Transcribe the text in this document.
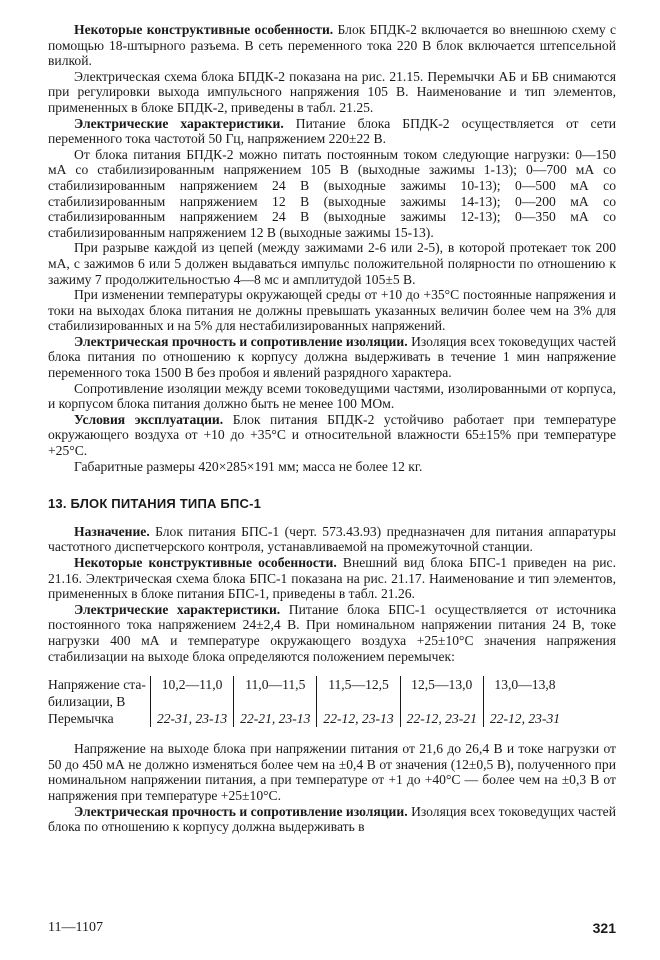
Некоторые конструктивные особенности. Блок БПДК-2 включается во внешнюю схему с помощью 18-штырного разъема. В сеть переменного тока 220 В блок включается штепсельной вилкой.

Электрическая схема блока БПДК-2 показана на рис. 21.15. Перемычки АБ и БВ снимаются при регулировки выхода импульсного напряжения 105 В. Наименование и тип элементов, примененных в блоке БПДК-2, приведены в табл. 21.25.

Электрические характеристики. Питание блока БПДК-2 осуществляется от сети переменного тока частотой 50 Гц, напряжением 220±22 В.

От блока питания БПДК-2 можно питать постоянным током следующие нагрузки: 0—150 мА со стабилизированным напряжением 105 В (выходные зажимы 1-13); 0—700 мА со стабилизированным напряжением 24 В (выходные зажимы 10-13); 0—500 мА со стабилизированным напряжением 12 В (выходные зажимы 14-13); 0—200 мА со стабилизированным напряжением 24 В (выходные зажимы 12-13); 0—350 мА со стабилизированным напряжением 12 В (выходные зажимы 15-13).

При разрыве каждой из цепей (между зажимами 2-6 или 2-5), в которой протекает ток 200 мА, с зажимов 6 или 5 должен выдаваться импульс положительной полярности по отношению к зажиму 7 продолжительностью 4—8 мс и амплитудой 105±5 В.

При изменении температуры окружающей среды от +10 до +35°С постоянные напряжения и токи на выходах блока питания не должны превышать указанных величин более чем на 3% для стабилизированных и на 5% для нестабилизированных напряжений.

Электрическая прочность и сопротивление изоляции. Изоляция всех токоведущих частей блока питания по отношению к корпусу должна выдерживать в течение 1 мин напряжение переменного тока 1500 В без пробоя и явлений разрядного характера.

Сопротивление изоляции между всеми токоведущими частями, изолированными от корпуса, и корпусом блока питания должно быть не менее 100 МОм.

Условия эксплуатации. Блок питания БПДК-2 устойчиво работает при температуре окружающего воздуха от +10 до +35°С и относительной влажности 65±15% при температуре +25°С.

Габаритные размеры 420×285×191 мм; масса не более 12 кг.

13. БЛОК ПИТАНИЯ ТИПА БПС-1

Назначение. Блок питания БПС-1 (черт. 573.43.93) предназначен для питания аппаратуры частотного диспетчерского контроля, устанавливаемой на промежуточной станции.

Некоторые конструктивные особенности. Внешний вид блока БПС-1 приведен на рис. 21.16. Электрическая схема блока БПС-1 показана на рис. 21.17. Наименование и тип элементов, примененных в блоке питания БПС-1, приведены в табл. 21.26.

Электрические характеристики. Питание блока БПС-1 осуществляется от источника постоянного тока напряжением 24±2,4 В. При номинальном напряжении питания 24 В, токе нагрузки 400 мА и температуре окружающего воздуха +25±10°С значения напряжения стабилизации на выходе блока определяются положением перемычек:

Напряжение ста-
билизации, В	10,2—11,0	11,0—11,5	11,5—12,5	12,5—13,0	13,0—13,8
Перемычка	22-31, 23-13	22-21, 23-13	22-12, 23-13	22-12, 23-21	22-12, 23-31

Напряжение на выходе блока при напряжении питания от 21,6 до 26,4 В и токе нагрузки от 50 до 450 мА не должно изменяться более чем на ±0,4 В от значения (12±0,5 В), полученного при номинальном напряжении питания, а при температуре от +1 до +40°С — более чем на ±0,3 В от напряжения при температуре +25±10°С.

Электрическая прочность и сопротивление изоляции. Изоляция всех токоведущих частей блока по отношению к корпусу должна выдерживать в

11—1107	321
